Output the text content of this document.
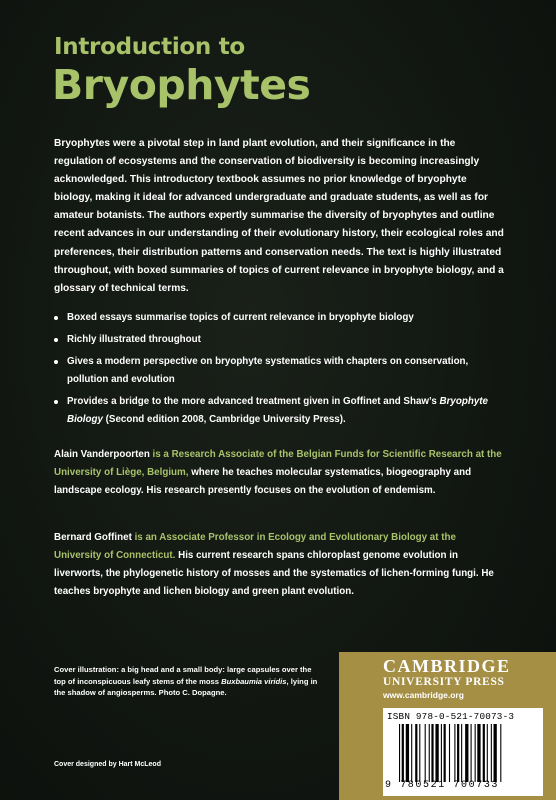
Introduction to
Bryophytes

Bryophytes were a pivotal step in land plant evolution, and their significance in the regulation of ecosystems and the conservation of biodiversity is becoming increasingly acknowledged. This introductory textbook assumes no prior knowledge of bryophyte biology, making it ideal for advanced undergraduate and graduate students, as well as for amateur botanists. The authors expertly summarise the diversity of bryophytes and outline recent advances in our understanding of their evolutionary history, their ecological roles and preferences, their distribution patterns and conservation needs. The text is highly illustrated throughout, with boxed summaries of topics of current relevance in bryophyte biology, and a glossary of technical terms.

Boxed essays summarise topics of current relevance in bryophyte biology
Richly illustrated throughout
Gives a modern perspective on bryophyte systematics with chapters on conservation, pollution and evolution
Provides a bridge to the more advanced treatment given in Goffinet and Shaw’s Bryophyte Biology (Second edition 2008, Cambridge University Press).

Alain Vanderpoorten is a Research Associate of the Belgian Funds for Scientific Research at the University of Liège, Belgium, where he teaches molecular systematics, biogeography and landscape ecology. His research presently focuses on the evolution of endemism.

Bernard Goffinet is an Associate Professor in Ecology and Evolutionary Biology at the University of Connecticut. His current research spans chloroplast genome evolution in liverworts, the phylogenetic history of mosses and the systematics of lichen-forming fungi. He teaches bryophyte and lichen biology and green plant evolution.

Cover illustration: a big head and a small body: large capsules over the top of inconspicuous leafy stems of the moss Buxbaumia viridis, lying in the shadow of angiosperms. Photo C. Dopagne.

Cover designed by Hart McLeod
CAMBRIDGE
UNIVERSITY PRESS
www.cambridge.org
ISBN 978-0-521-70073-3
9 780521 700733
